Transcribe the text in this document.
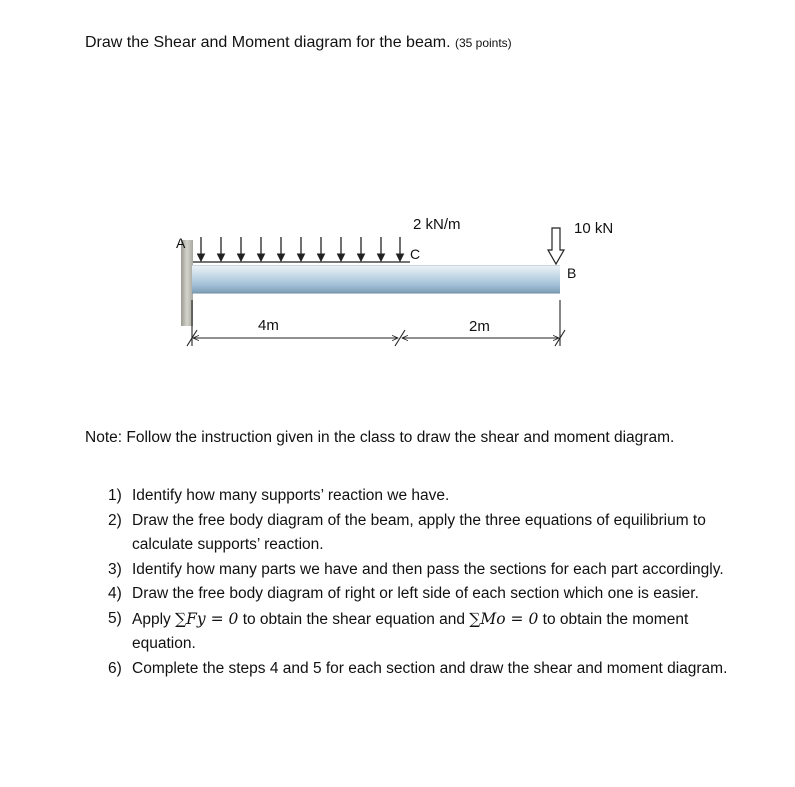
Draw the Shear and Moment diagram for the beam. (35 points)
A
C
B
2 kN/m	10 kN
4m	2m
Note: Follow the instruction given in the class to draw the shear and moment diagram.
1) Identify how many supports’ reaction we have.
2) Draw the free body diagram of the beam, apply the three equations of equilibrium to calculate supports’ reaction.
3) Identify how many parts we have and then pass the sections for each part accordingly.
4) Draw the free body diagram of right or left side of each section which one is easier.
5) Apply ∑Fy = 0 to obtain the shear equation and ∑Mo = 0 to obtain the moment equation.
6) Complete the steps 4 and 5 for each section and draw the shear and moment diagram.
